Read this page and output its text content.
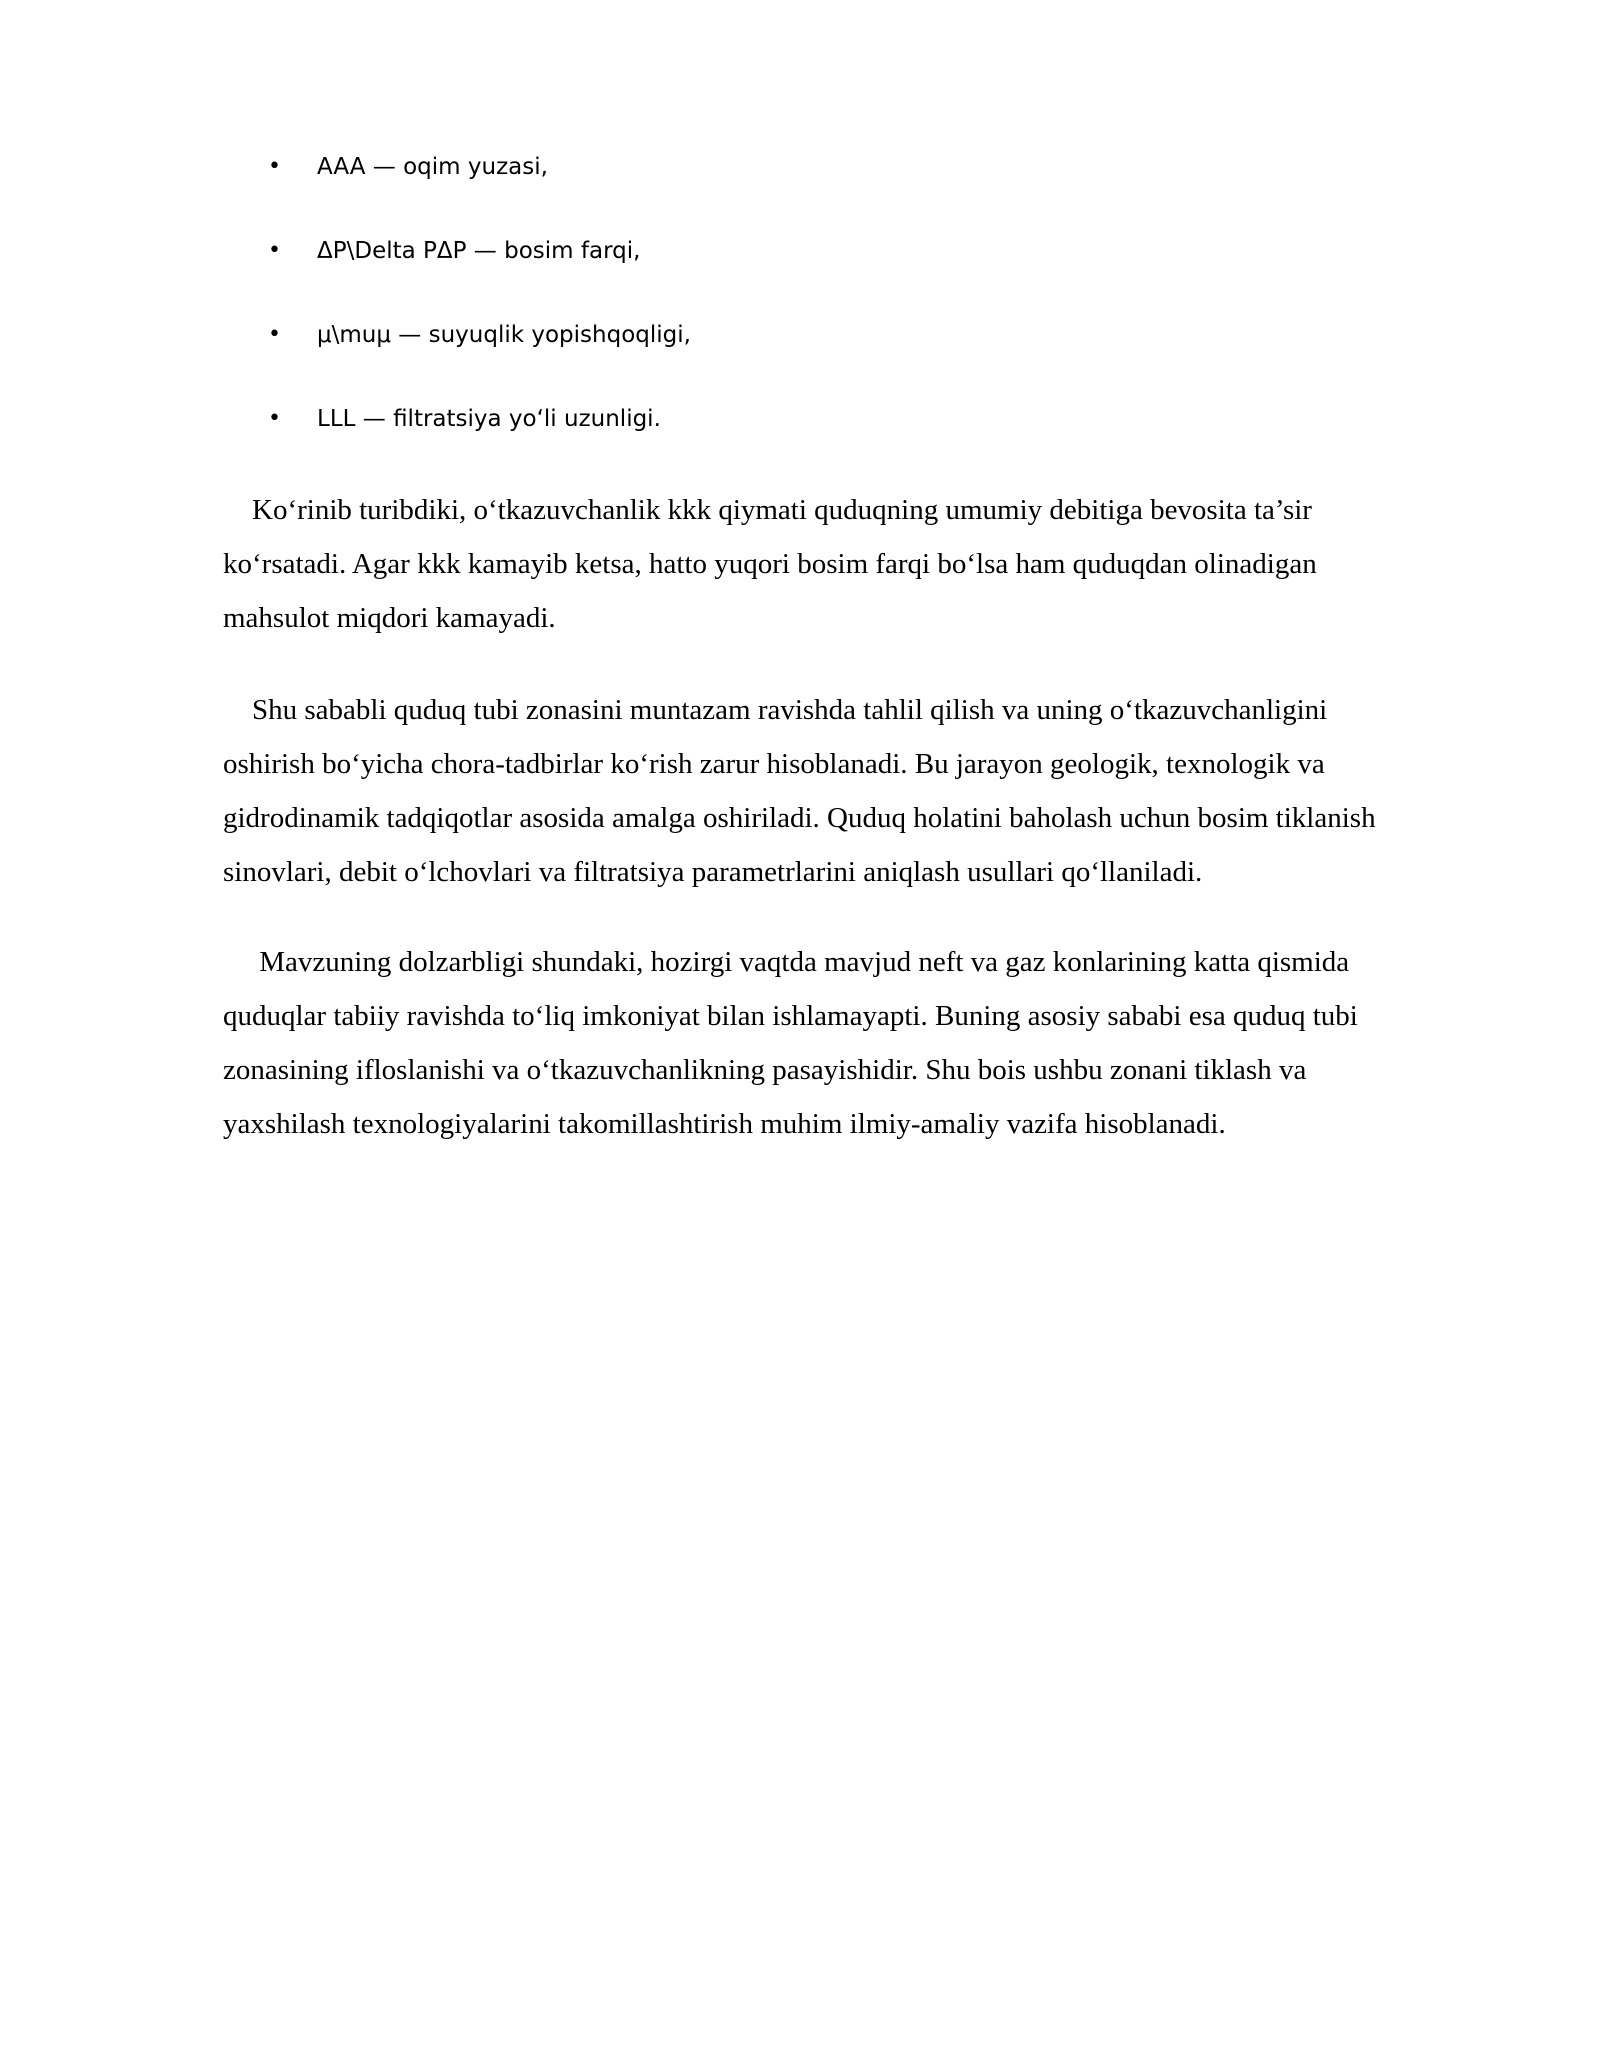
• AAA — oqim yuzasi,
• ΔP\Delta PΔP — bosim farqi,
• μ\muμ — suyuqlik yopishqoqligi,
• LLL — filtratsiya yo‘li uzunligi.
Ko‘rinib turibdiki, o‘tkazuvchanlik kkk qiymati quduqning umumiy debitiga bevosita ta’sir
ko‘rsatadi. Agar kkk kamayib ketsa, hatto yuqori bosim farqi bo‘lsa ham quduqdan olinadigan
mahsulot miqdori kamayadi.
Shu sababli quduq tubi zonasini muntazam ravishda tahlil qilish va uning o‘tkazuvchanligini
oshirish bo‘yicha chora-tadbirlar ko‘rish zarur hisoblanadi. Bu jarayon geologik, texnologik va
gidrodinamik tadqiqotlar asosida amalga oshiriladi. Quduq holatini baholash uchun bosim tiklanish
sinovlari, debit o‘lchovlari va filtratsiya parametrlarini aniqlash usullari qo‘llaniladi.
Mavzuning dolzarbligi shundaki, hozirgi vaqtda mavjud neft va gaz konlarining katta qismida
quduqlar tabiiy ravishda to‘liq imkoniyat bilan ishlamayapti. Buning asosiy sababi esa quduq tubi
zonasining ifloslanishi va o‘tkazuvchanlikning pasayishidir. Shu bois ushbu zonani tiklash va
yaxshilash texnologiyalarini takomillashtirish muhim ilmiy-amaliy vazifa hisoblanadi.
